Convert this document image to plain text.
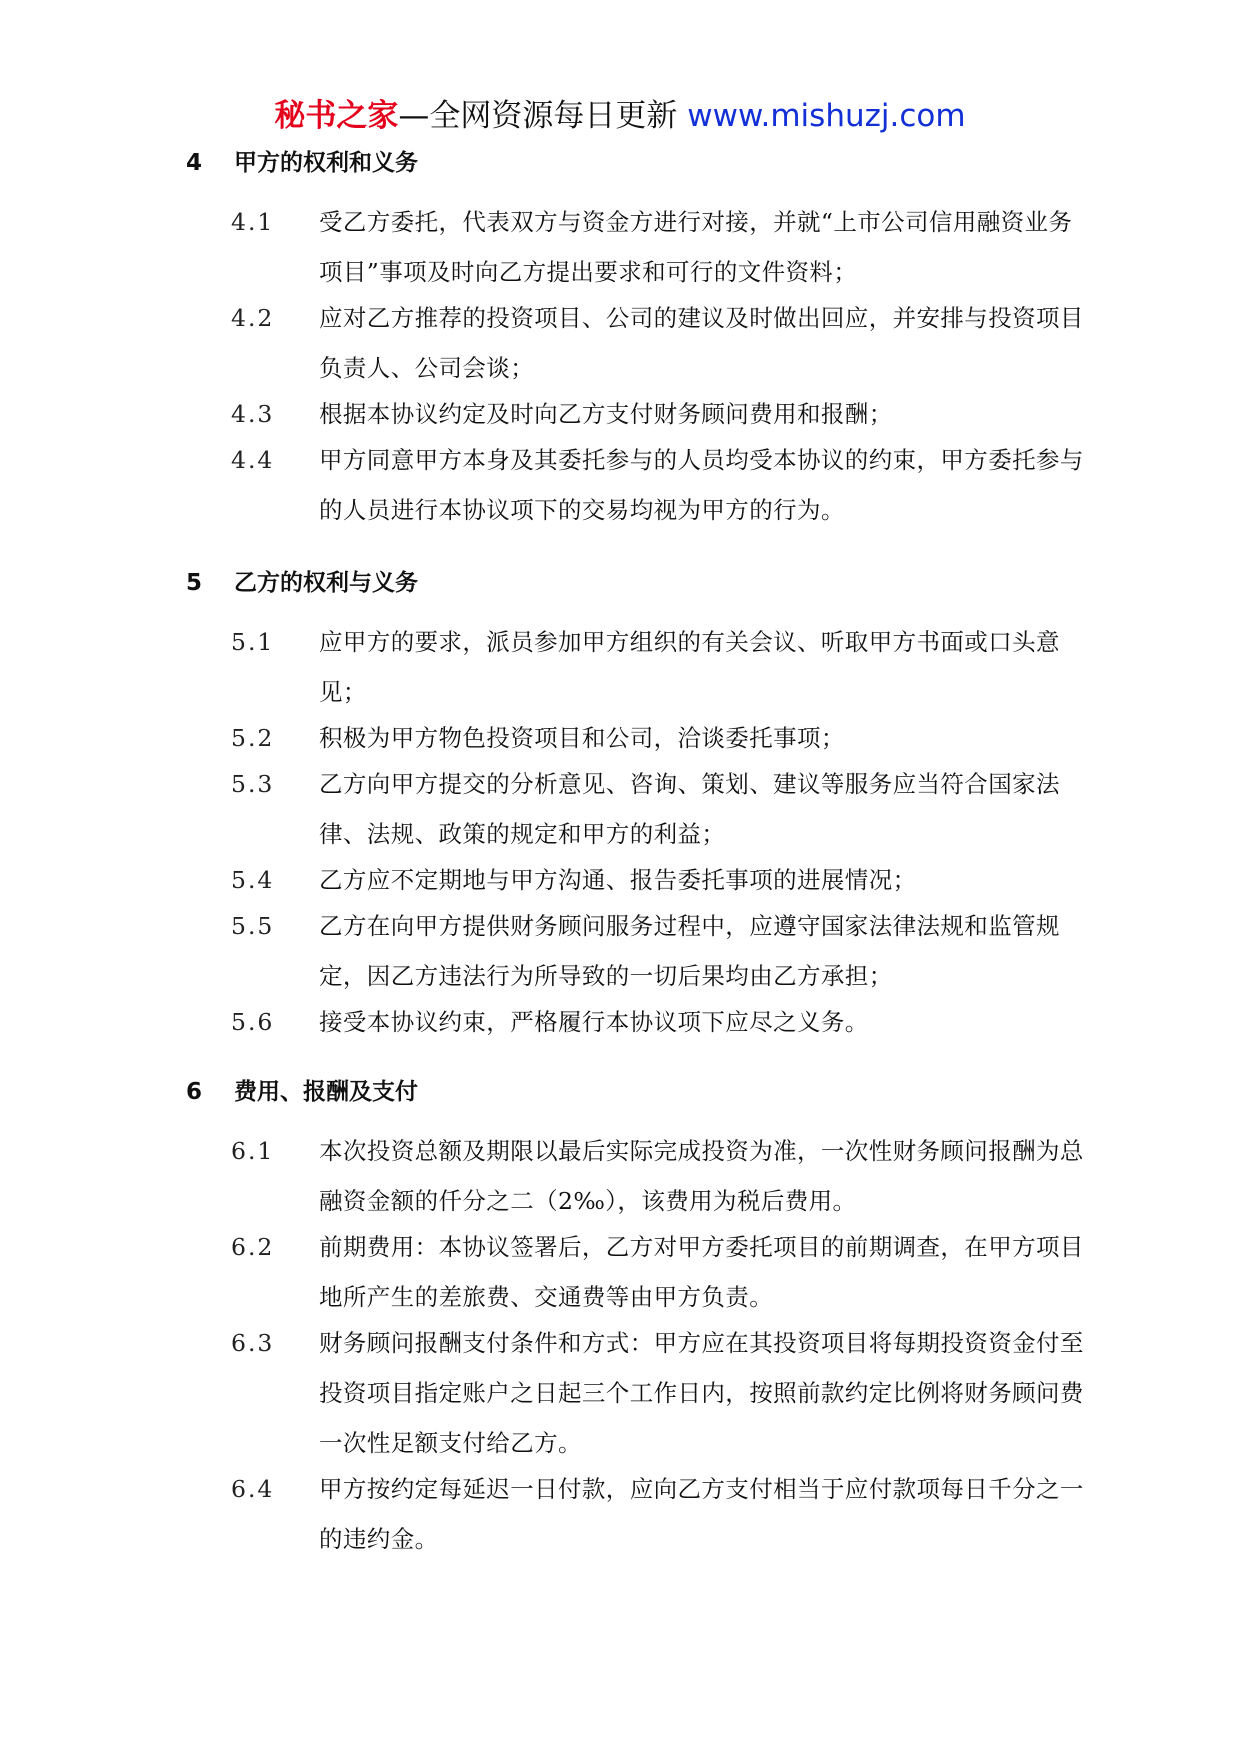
秘书之家—全网资源每日更新 www.mishuzj.com
4 甲方的权利和义务
4.1	受乙方委托，代表双方与资金方进行对接，并就“上市公司信用融资业务项目”事项及时向乙方提出要求和可行的文件资料；
4.2	应对乙方推荐的投资项目、公司的建议及时做出回应，并安排与投资项目负责人、公司会谈；
4.3	根据本协议约定及时向乙方支付财务顾问费用和报酬；
4.4	甲方同意甲方本身及其委托参与的人员均受本协议的约束，甲方委托参与的人员进行本协议项下的交易均视为甲方的行为。
5 乙方的权利与义务
5.1	应甲方的要求，派员参加甲方组织的有关会议、听取甲方书面或口头意见；
5.2	积极为甲方物色投资项目和公司，洽谈委托事项；
5.3	乙方向甲方提交的分析意见、咨询、策划、建议等服务应当符合国家法律、法规、政策的规定和甲方的利益；
5.4	乙方应不定期地与甲方沟通、报告委托事项的进展情况；
5.5	乙方在向甲方提供财务顾问服务过程中，应遵守国家法律法规和监管规定，因乙方违法行为所导致的一切后果均由乙方承担；
5.6	接受本协议约束，严格履行本协议项下应尽之义务。
6 费用、报酬及支付
6.1	本次投资总额及期限以最后实际完成投资为准，一次性财务顾问报酬为总融资金额的仟分之二（2‰），该费用为税后费用。
6.2	前期费用：本协议签署后，乙方对甲方委托项目的前期调查，在甲方项目地所产生的差旅费、交通费等由甲方负责。
6.3	财务顾问报酬支付条件和方式：甲方应在其投资项目将每期投资资金付至投资项目指定账户之日起三个工作日内，按照前款约定比例将财务顾问费一次性足额支付给乙方。
6.4	甲方按约定每延迟一日付款，应向乙方支付相当于应付款项每日千分之一的违约金。
